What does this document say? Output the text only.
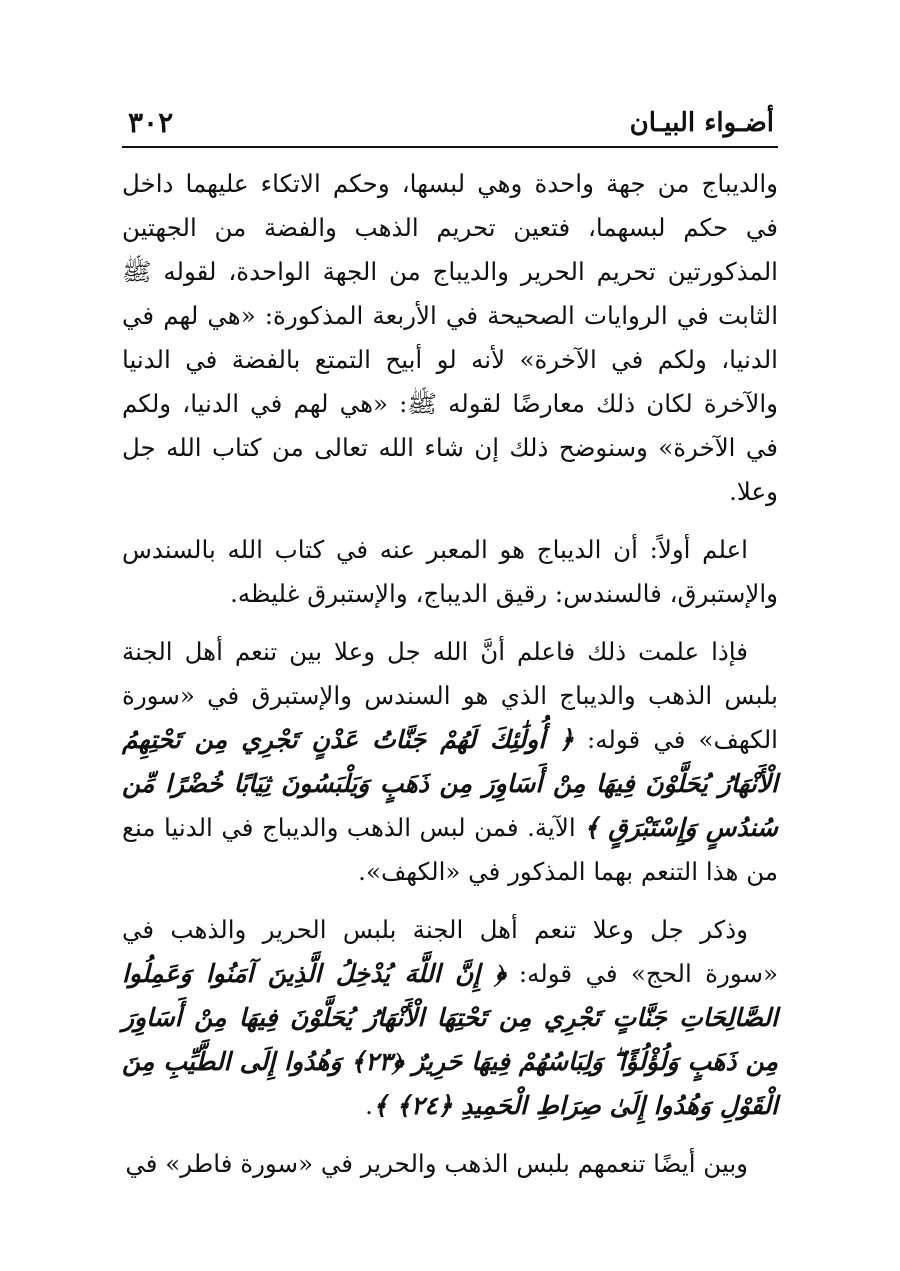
أضـواء البيـان
٣٠٢

والديباج من جهة واحدة وهي لبسها، وحكم الاتكاء عليهما داخل في حكم لبسهما، فتعين تحريم الذهب والفضة من الجهتين المذكورتين تحريم الحرير والديباج من الجهة الواحدة، لقوله ﷺ الثابت في الروايات الصحيحة في الأربعة المذكورة: «هي لهم في الدنيا، ولكم في الآخرة» لأنه لو أبيح التمتع بالفضة في الدنيا والآخرة لكان ذلك معارضًا لقوله ﷺ: «هي لهم في الدنيا، ولكم في الآخرة» وسنوضح ذلك إن شاء الله تعالى من كتاب الله جل وعلا.

اعلم أولاً: أن الديباج هو المعبر عنه في كتاب الله بالسندس والإستبرق، فالسندس: رقيق الديباج، والإستبرق غليظه.

فإذا علمت ذلك فاعلم أنَّ الله جل وعلا بين تنعم أهل الجنة بلبس الذهب والديباج الذي هو السندس والإستبرق في «سورة الكهف» في قوله: ﴿ أُولَٰئِكَ لَهُمْ جَنَّاتُ عَدْنٍ تَجْرِي مِن تَحْتِهِمُ الْأَنْهَارُ يُحَلَّوْنَ فِيهَا مِنْ أَسَاوِرَ مِن ذَهَبٍ وَيَلْبَسُونَ ثِيَابًا خُضْرًا مِّن سُندُسٍ وَإِسْتَبْرَقٍ ﴾ الآية. فمن لبس الذهب والديباج في الدنيا منع من هذا التنعم بهما المذكور في «الكهف».

وذكر جل وعلا تنعم أهل الجنة بلبس الحرير والذهب في «سورة الحج» في قوله: ﴿ إِنَّ اللَّهَ يُدْخِلُ الَّذِينَ آمَنُوا وَعَمِلُوا الصَّالِحَاتِ جَنَّاتٍ تَجْرِي مِن تَحْتِهَا الْأَنْهَارُ يُحَلَّوْنَ فِيهَا مِنْ أَسَاوِرَ مِن ذَهَبٍ وَلُؤْلُؤًا ۖ وَلِبَاسُهُمْ فِيهَا حَرِيرٌ ﴿٢٣﴾ وَهُدُوا إِلَى الطَّيِّبِ مِنَ الْقَوْلِ وَهُدُوا إِلَىٰ صِرَاطِ الْحَمِيدِ ﴿٢٤﴾ ﴾.

وبين أيضًا تنعمهم بلبس الذهب والحرير في «سورة فاطر» في
